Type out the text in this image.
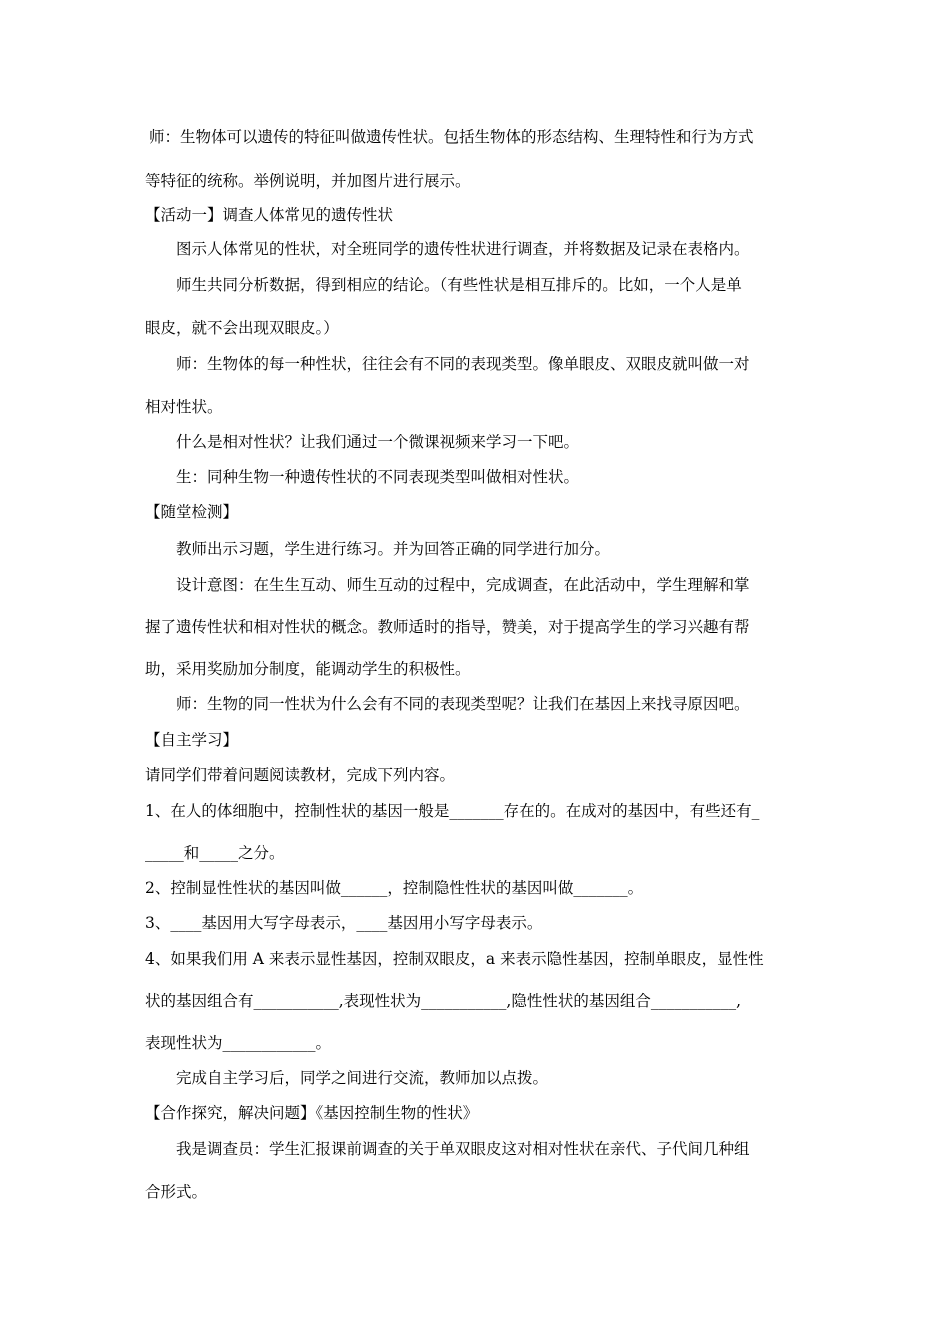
师：生物体可以遗传的特征叫做遗传性状。包括生物体的形态结构、生理特性和行为方式
等特征的统称。举例说明，并加图片进行展示。
【活动一】调查人体常见的遗传性状
图示人体常见的性状，对全班同学的遗传性状进行调查，并将数据及记录在表格内。
师生共同分析数据，得到相应的结论。（有些性状是相互排斥的。比如，一个人是单
眼皮，就不会出现双眼皮。）
师：生物体的每一种性状，往往会有不同的表现类型。像单眼皮、双眼皮就叫做一对
相对性状。
什么是相对性状？让我们通过一个微课视频来学习一下吧。
生：同种生物一种遗传性状的不同表现类型叫做相对性状。
【随堂检测】
教师出示习题，学生进行练习。并为回答正确的同学进行加分。
设计意图：在生生互动、师生互动的过程中，完成调查，在此活动中，学生理解和掌
握了遗传性状和相对性状的概念。教师适时的指导，赞美，对于提高学生的学习兴趣有帮
助，采用奖励加分制度，能调动学生的积极性。
师：生物的同一性状为什么会有不同的表现类型呢？让我们在基因上来找寻原因吧。
【自主学习】
请同学们带着问题阅读教材，完成下列内容。
1、在人的体细胞中，控制性状的基因一般是_______存在的。在成对的基因中，有些还有_
_____和_____之分。
2、控制显性性状的基因叫做______，控制隐性性状的基因叫做_______。
3、____基因用大写字母表示，____基因用小写字母表示。
4、如果我们用 A 来表示显性基因，控制双眼皮，a 来表示隐性基因，控制单眼皮，显性性
状的基因组合有___________,表现性状为___________,隐性性状的基因组合___________,
表现性状为____________。
完成自主学习后，同学之间进行交流，教师加以点拨。
【合作探究，解决问题】《基因控制生物的性状》
我是调查员：学生汇报课前调查的关于单双眼皮这对相对性状在亲代、子代间几种组
合形式。
